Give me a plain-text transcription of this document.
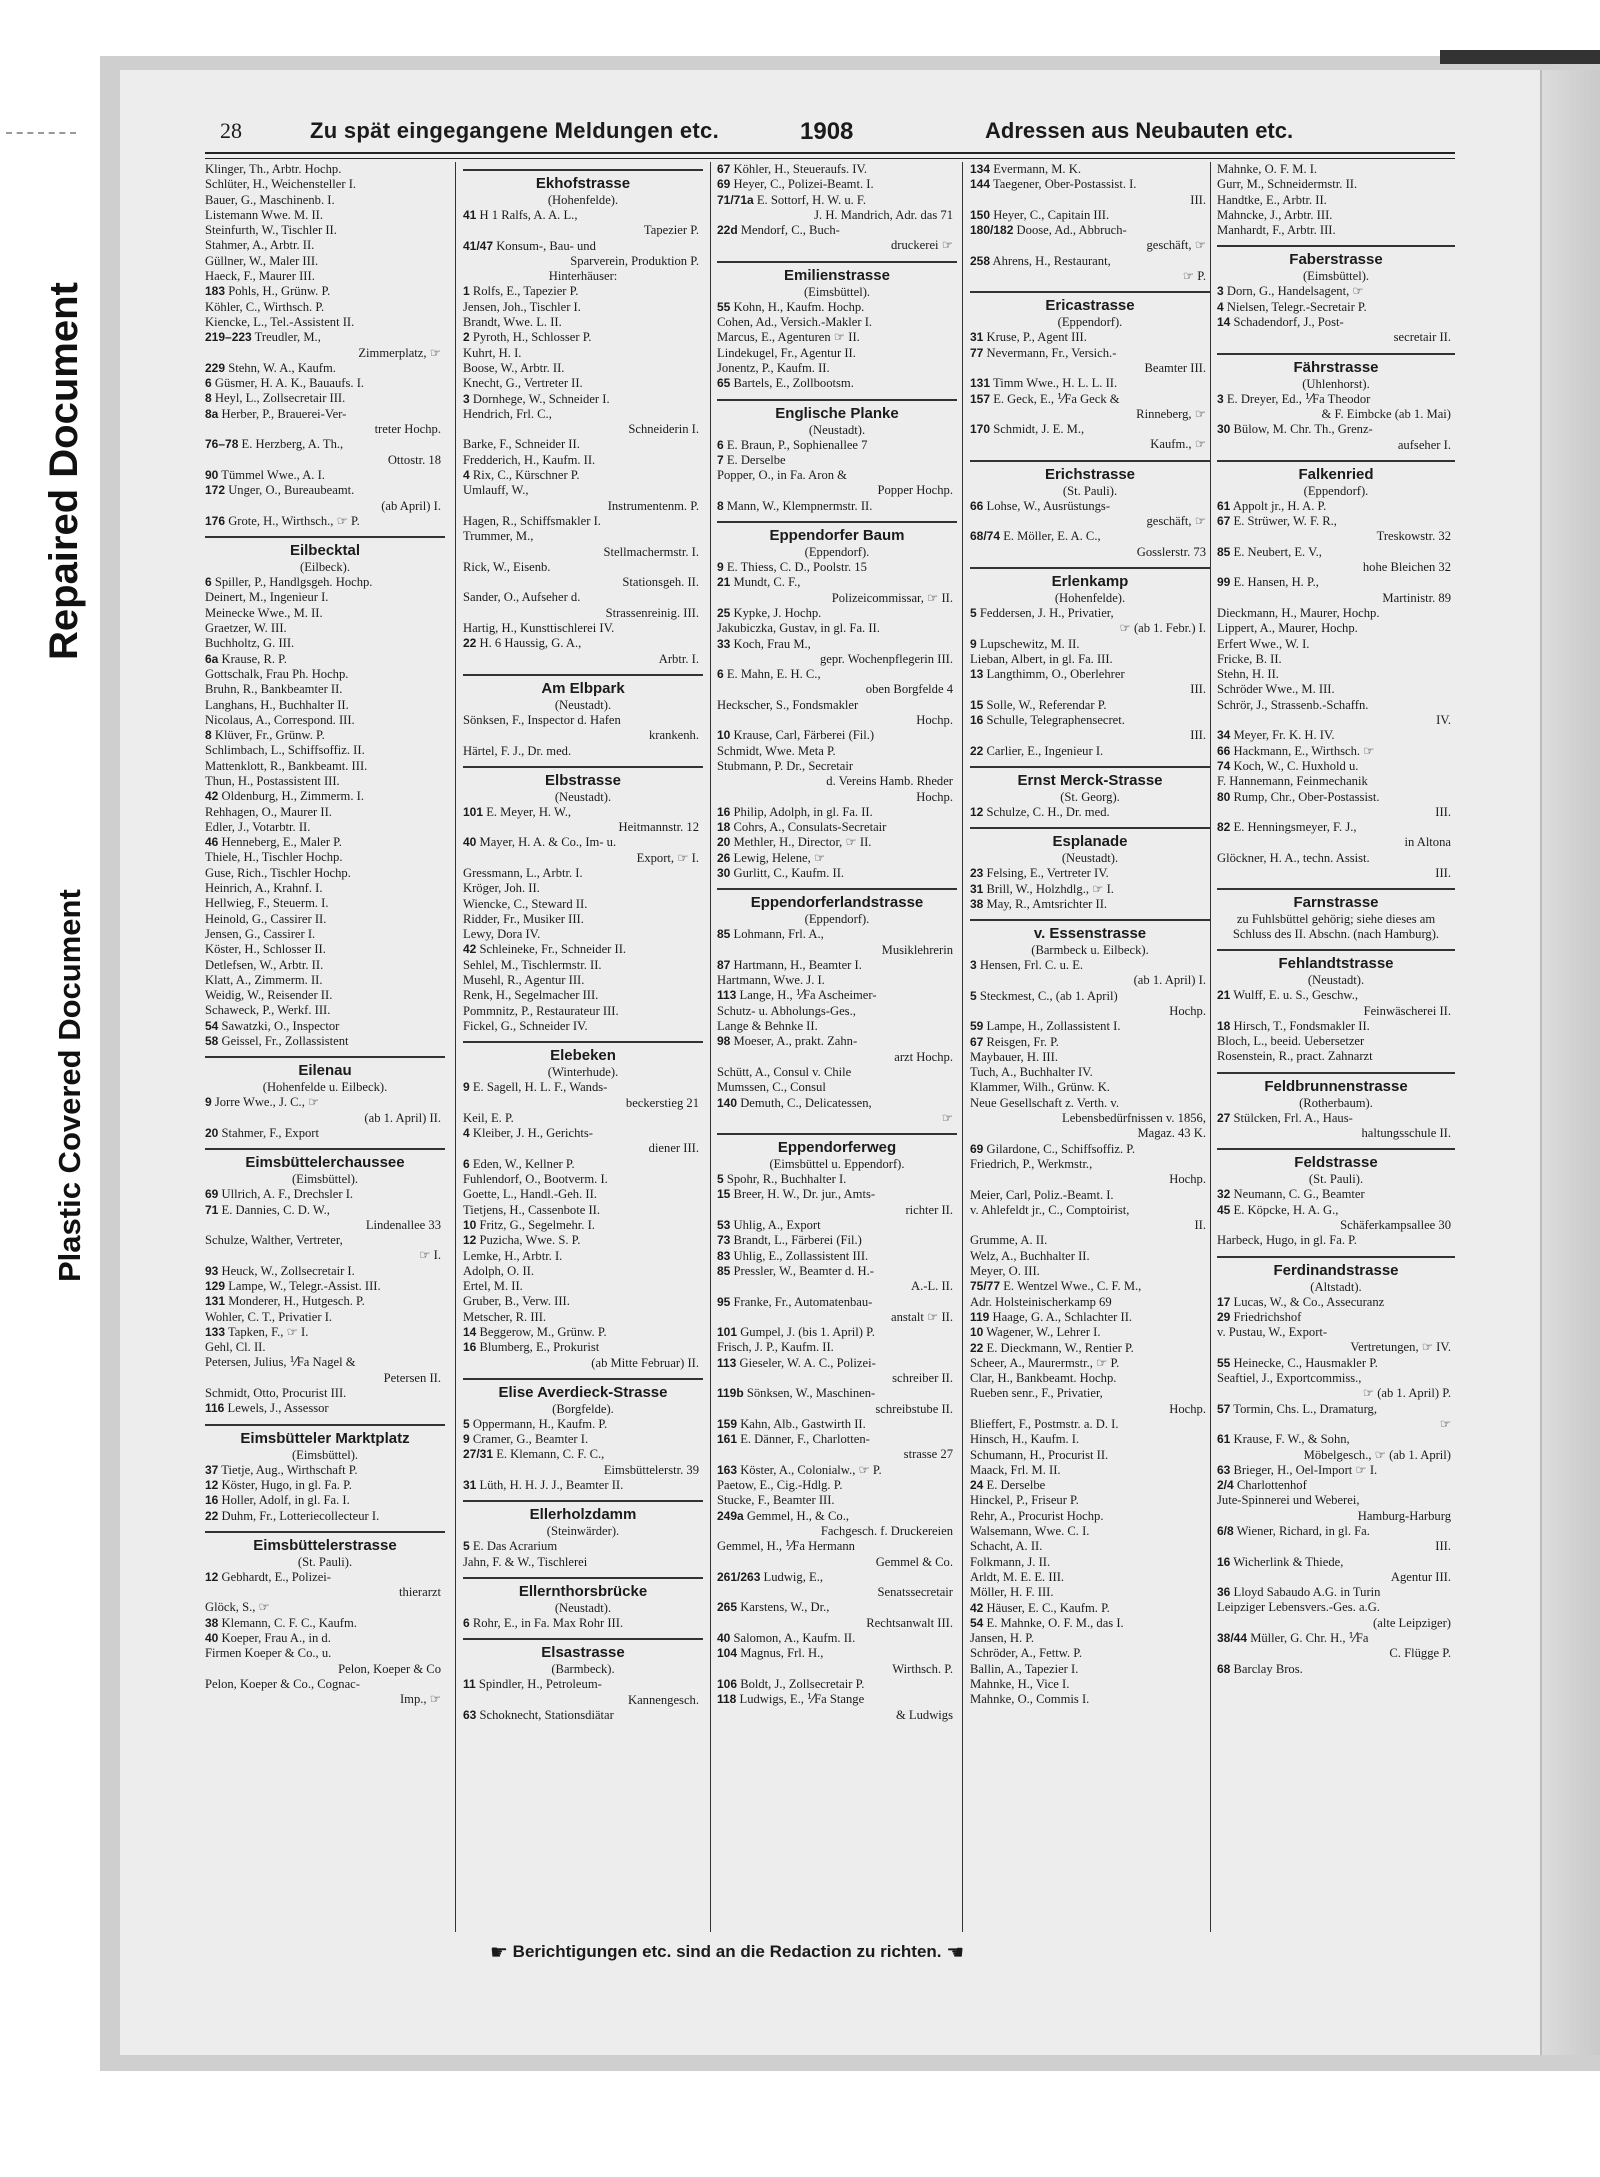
Repaired Document
Plastic Covered Document
28	Zu spät eingegangene Meldungen etc.	1908	Adressen aus Neubauten etc.
Klinger, Th., Arbtr. Hochp.
Schlüter, H., Weichensteller I.
Bauer, G., Maschinenb. I.
Listemann Wwe. M. II.
Steinfurth, W., Tischler II.
Stahmer, A., Arbtr. II.
Güllner, W., Maler III.
Haeck, F., Maurer III.
183 Pohls, H., Grünw. P.
Köhler, C., Wirthsch. P.
Kiencke, L., Tel.-Assistent II.
219–223 Treudler, M.,
Zimmerplatz, ☞
229 Stehn, W. A., Kaufm.
6 Güsmer, H. A. K., Bauaufs. I.
8 Heyl, L., Zollsecretair III.
8a Herber, P., Brauerei-Ver-
treter Hochp.
76–78 E. Herzberg, A. Th.,
Ottostr. 18
90 Tümmel Wwe., A. I.
172 Unger, O., Bureaubeamt.
(ab April) I.
176 Grote, H., Wirthsch., ☞ P.
Eilbecktal
(Eilbeck).
6 Spiller, P., Handlgsgeh. Hochp.
Deinert, M., Ingenieur I.
Meinecke Wwe., M. II.
Graetzer, W. III.
Buchholtz, G. III.
6a Krause, R. P.
Gottschalk, Frau Ph. Hochp.
Bruhn, R., Bankbeamter II.
Langhans, H., Buchhalter II.
Nicolaus, A., Correspond. III.
8 Klüver, Fr., Grünw. P.
Schlimbach, L., Schiffsoffiz. II.
Mattenklott, R., Bankbeamt. III.
Thun, H., Postassistent III.
42 Oldenburg, H., Zimmerm. I.
Rehhagen, O., Maurer II.
Edler, J., Votarbtr. II.
46 Henneberg, E., Maler P.
Thiele, H., Tischler Hochp.
Guse, Rich., Tischler Hochp.
Heinrich, A., Krahnf. I.
Hellwieg, F., Steuerm. I.
Heinold, G., Cassirer II.
Jensen, G., Cassirer I.
Köster, H., Schlosser II.
Detlefsen, W., Arbtr. II.
Klatt, A., Zimmerm. II.
Weidig, W., Reisender II.
Schaweck, P., Werkf. III.
54 Sawatzki, O., Inspector
58 Geissel, Fr., Zollassistent
Eilenau
(Hohenfelde u. Eilbeck).
9 Jorre Wwe., J. C., ☞
(ab 1. April) II.
20 Stahmer, F., Export
Eimsbüttelerchaussee
(Eimsbüttel).
69 Ullrich, A. F., Drechsler I.
71 E. Dannies, C. D. W.,
Lindenallee 33
Schulze, Walther, Vertreter,
☞ I.
93 Heuck, W., Zollsecretair I.
129 Lampe, W., Telegr.-Assist. III.
131 Monderer, H., Hutgesch. P.
Wohler, C. T., Privatier I.
133 Tapken, F., ☞ I.
Gehl, Cl. II.
Petersen, Julius, ⅟Fa Nagel &
Petersen II.
Schmidt, Otto, Procurist III.
116 Lewels, J., Assessor
Eimsbütteler Marktplatz
(Eimsbüttel).
37 Tietje, Aug., Wirthschaft P.
12 Köster, Hugo, in gl. Fa. P.
16 Holler, Adolf, in gl. Fa. I.
22 Duhm, Fr., Lotteriecollecteur I.
Eimsbüttelerstrasse
(St. Pauli).
12 Gebhardt, E., Polizei-
thierarzt
Glöck, S., ☞
38 Klemann, C. F. C., Kaufm.
40 Koeper, Frau A., in d.
Firmen Koeper & Co., u.
Pelon, Koeper & Co
Pelon, Koeper & Co., Cognac-
Imp., ☞
Ekhofstrasse
(Hohenfelde).
41 H 1 Ralfs, A. A. L.,
Tapezier P.
41/47 Konsum-, Bau- und
Sparverein, Produktion P.
Hinterhäuser:
1 Rolfs, E., Tapezier P.
Jensen, Joh., Tischler I.
Brandt, Wwe. L. II.
2 Pyroth, H., Schlosser P.
Kuhrt, H. I.
Boose, W., Arbtr. II.
Knecht, G., Vertreter II.
3 Dornhege, W., Schneider I.
Hendrich, Frl. C.,
Schneiderin I.
Barke, F., Schneider II.
Fredderich, H., Kaufm. II.
4 Rix, C., Kürschner P.
Umlauff, W.,
Instrumentenm. P.
Hagen, R., Schiffsmakler I.
Trummer, M.,
Stellmachermstr. I.
Rick, W., Eisenb.
Stationsgeh. II.
Sander, O., Aufseher d.
Strassenreinig. III.
Hartig, H., Kunsttischlerei IV.
22 H. 6 Haussig, G. A.,
Arbtr. I.
Am Elbpark
(Neustadt).
Sönksen, F., Inspector d. Hafen
krankenh.
Härtel, F. J., Dr. med.
Elbstrasse
(Neustadt).
101 E. Meyer, H. W.,
Heitmannstr. 12
40 Mayer, H. A. & Co., Im- u.
Export, ☞ I.
Gressmann, L., Arbtr. I.
Kröger, Joh. II.
Wiencke, C., Steward II.
Ridder, Fr., Musiker III.
Lewy, Dora IV.
42 Schleineke, Fr., Schneider II.
Sehlel, M., Tischlermstr. II.
Musehl, R., Agentur III.
Renk, H., Segelmacher III.
Pommnitz, P., Restaurateur III.
Fickel, G., Schneider IV.
Elebeken
(Winterhude).
9 E. Sagell, H. L. F., Wands-
beckerstieg 21
Keil, E. P.
4 Kleiber, J. H., Gerichts-
diener III.
6 Eden, W., Kellner P.
Fuhlendorf, O., Bootverm. I.
Goette, L., Handl.-Geh. II.
Tietjens, H., Cassenbote II.
10 Fritz, G., Segelmehr. I.
12 Puzicha, Wwe. S. P.
Lemke, H., Arbtr. I.
Adolph, O. II.
Ertel, M. II.
Gruber, B., Verw. III.
Metscher, R. III.
14 Beggerow, M., Grünw. P.
16 Blumberg, E., Prokurist
(ab Mitte Februar) II.
Elise Averdieck-Strasse
(Borgfelde).
5 Oppermann, H., Kaufm. P.
9 Cramer, G., Beamter I.
27/31 E. Klemann, C. F. C.,
Eimsbüttelerstr. 39
31 Lüth, H. H. J. J., Beamter II.
Ellerholzdamm
(Steinwärder).
5 E. Das Acrarium
Jahn, F. & W., Tischlerei
Ellernthorsbrücke
(Neustadt).
6 Rohr, E., in Fa. Max Rohr III.
Elsastrasse
(Barmbeck).
11 Spindler, H., Petroleum-
Kannengesch.
63 Schoknecht, Stationsdiätar
67 Köhler, H., Steueraufs. IV.
69 Heyer, C., Polizei-Beamt. I.
71/71a E. Sottorf, H. W. u. F.
J. H. Mandrich, Adr. das 71
22d Mendorf, C., Buch-
druckerei ☞
Emilienstrasse
(Eimsbüttel).
55 Kohn, H., Kaufm. Hochp.
Cohen, Ad., Versich.-Makler I.
Marcus, E., Agenturen ☞ II.
Lindekugel, Fr., Agentur II.
Jonentz, P., Kaufm. II.
65 Bartels, E., Zollbootsm.
Englische Planke
(Neustadt).
6 E. Braun, P., Sophienallee 7
7 E. Derselbe
Popper, O., in Fa. Aron &
Popper Hochp.
8 Mann, W., Klempnermstr. II.
Eppendorfer Baum
(Eppendorf).
9 E. Thiess, C. D., Poolstr. 15
21 Mundt, C. F.,
Polizeicommissar, ☞ II.
25 Kypke, J. Hochp.
Jakubiczka, Gustav, in gl. Fa. II.
33 Koch, Frau M.,
gepr. Wochenpflegerin III.
6 E. Mahn, E. H. C.,
oben Borgfelde 4
Heckscher, S., Fondsmakler
Hochp.
10 Krause, Carl, Färberei (Fil.)
Schmidt, Wwe. Meta P.
Stubmann, P. Dr., Secretair
d. Vereins Hamb. Rheder
Hochp.
16 Philip, Adolph, in gl. Fa. II.
18 Cohrs, A., Consulats-Secretair
20 Methler, H., Director, ☞ II.
26 Lewig, Helene, ☞
30 Gurlitt, C., Kaufm. II.
Eppendorferlandstrasse
(Eppendorf).
85 Lohmann, Frl. A.,
Musiklehrerin
87 Hartmann, H., Beamter I.
Hartmann, Wwe. J. I.
113 Lange, H., ⅟Fa Ascheimer-
Schutz- u. Abholungs-Ges.,
Lange & Behnke II.
98 Moeser, A., prakt. Zahn-
arzt Hochp.
Schütt, A., Consul v. Chile
Mumssen, C., Consul
140 Demuth, C., Delicatessen,
☞
Eppendorferweg
(Eimsbüttel u. Eppendorf).
5 Spohr, R., Buchhalter I.
15 Breer, H. W., Dr. jur., Amts-
richter II.
53 Uhlig, A., Export
73 Brandt, L., Färberei (Fil.)
83 Uhlig, E., Zollassistent III.
85 Pressler, W., Beamter d. H.-
A.-L. II.
95 Franke, Fr., Automatenbau-
anstalt ☞ II.
101 Gumpel, J. (bis 1. April) P.
Frisch, J. P., Kaufm. II.
113 Gieseler, W. A. C., Polizei-
schreiber II.
119b Sönksen, W., Maschinen-
schreibstube II.
159 Kahn, Alb., Gastwirth II.
161 E. Dänner, F., Charlotten-
strasse 27
163 Köster, A., Colonialw., ☞ P.
Paetow, E., Cig.-Hdlg. P.
Stucke, F., Beamter III.
249a Gemmel, H., & Co.,
Fachgesch. f. Druckereien
Gemmel, H., ⅟Fa Hermann
Gemmel & Co.
261/263 Ludwig, E.,
Senatssecretair
265 Karstens, W., Dr.,
Rechtsanwalt III.
40 Salomon, A., Kaufm. II.
104 Magnus, Frl. H.,
Wirthsch. P.
106 Boldt, J., Zollsecretair P.
118 Ludwigs, E., ⅟Fa Stange
& Ludwigs
134 Evermann, M. K.
144 Taegener, Ober-Postassist. I.
III.
150 Heyer, C., Capitain III.
180/182 Doose, Ad., Abbruch-
geschäft, ☞
258 Ahrens, H., Restaurant,
☞ P.
Ericastrasse
(Eppendorf).
31 Kruse, P., Agent III.
77 Nevermann, Fr., Versich.-
Beamter III.
131 Timm Wwe., H. L. L. II.
157 E. Geck, E., ⅟Fa Geck &
Rinneberg, ☞
170 Schmidt, J. E. M.,
Kaufm., ☞
Erichstrasse
(St. Pauli).
66 Lohse, W., Ausrüstungs-
geschäft, ☞
68/74 E. Möller, E. A. C.,
Gosslerstr. 73
Erlenkamp
(Hohenfelde).
5 Feddersen, J. H., Privatier,
☞ (ab 1. Febr.) I.
9 Lupschewitz, M. II.
Lieban, Albert, in gl. Fa. III.
13 Langthimm, O., Oberlehrer
III.
15 Solle, W., Referendar P.
16 Schulle, Telegraphensecret.
III.
22 Carlier, E., Ingenieur I.
Ernst Merck-Strasse
(St. Georg).
12 Schulze, C. H., Dr. med.
Esplanade
(Neustadt).
23 Felsing, E., Vertreter IV.
31 Brill, W., Holzhdlg., ☞ I.
38 May, R., Amtsrichter II.
v. Essenstrasse
(Barmbeck u. Eilbeck).
3 Hensen, Frl. C. u. E.
(ab 1. April) I.
5 Steckmest, C., (ab 1. April)
Hochp.
59 Lampe, H., Zollassistent I.
67 Reisgen, Fr. P.
Maybauer, H. III.
Tuch, A., Buchhalter IV.
Klammer, Wilh., Grünw. K.
Neue Gesellschaft z. Verth. v.
Lebensbedürfnissen v. 1856,
Magaz. 43 K.
69 Gilardone, C., Schiffsoffiz. P.
Friedrich, P., Werkmstr.,
Hochp.
Meier, Carl, Poliz.-Beamt. I.
v. Ahlefeldt jr., C., Comptoirist,
II.
Grumme, A. II.
Welz, A., Buchhalter II.
Meyer, O. III.
75/77 E. Wentzel Wwe., C. F. M.,
Adr. Holsteinischerkamp 69
119 Haage, G. A., Schlachter II.
10 Wagener, W., Lehrer I.
22 E. Dieckmann, W., Rentier P.
Scheer, A., Maurermstr., ☞ P.
Clar, H., Bankbeamt. Hochp.
Rueben senr., F., Privatier,
Hochp.
Blieffert, F., Postmstr. a. D. I.
Hinsch, H., Kaufm. I.
Schumann, H., Procurist II.
Maack, Frl. M. II.
24 E. Derselbe
Hinckel, P., Friseur P.
Rehr, A., Procurist Hochp.
Walsemann, Wwe. C. I.
Schacht, A. II.
Folkmann, J. II.
Arldt, M. E. E. III.
Möller, H. F. III.
42 Häuser, E. C., Kaufm. P.
54 E. Mahnke, O. F. M., das I.
Jansen, H. P.
Schröder, A., Fettw. P.
Ballin, A., Tapezier I.
Mahnke, H., Vice I.
Mahnke, O., Commis I.
Mahnke, O. F. M. I.
Gurr, M., Schneidermstr. II.
Handtke, E., Arbtr. II.
Mahncke, J., Arbtr. III.
Manhardt, F., Arbtr. III.
Faberstrasse
(Eimsbüttel).
3 Dorn, G., Handelsagent, ☞
4 Nielsen, Telegr.-Secretair P.
14 Schadendorf, J., Post-
secretair II.
Fährstrasse
(Uhlenhorst).
3 E. Dreyer, Ed., ⅟Fa Theodor
& F. Eimbcke (ab 1. Mai)
30 Bülow, M. Chr. Th., Grenz-
aufseher I.
Falkenried
(Eppendorf).
61 Appolt jr., H. A. P.
67 E. Strüwer, W. F. R.,
Treskowstr. 32
85 E. Neubert, E. V.,
hohe Bleichen 32
99 E. Hansen, H. P.,
Martinistr. 89
Dieckmann, H., Maurer, Hochp.
Lippert, A., Maurer, Hochp.
Erfert Wwe., W. I.
Fricke, B. II.
Stehn, H. II.
Schröder Wwe., M. III.
Schrör, J., Strassenb.-Schaffn.
IV.
34 Meyer, Fr. K. H. IV.
66 Hackmann, E., Wirthsch. ☞
74 Koch, W., C. Huxhold u.
F. Hannemann, Feinmechanik
80 Rump, Chr., Ober-Postassist.
III.
82 E. Henningsmeyer, F. J.,
in Altona
Glöckner, H. A., techn. Assist.
III.
Farnstrasse
zu Fuhlsbüttel gehörig; siehe dieses am Schluss des II. Abschn. (nach Hamburg).
Fehlandtstrasse
(Neustadt).
21 Wulff, E. u. S., Geschw.,
Feinwäscherei II.
18 Hirsch, T., Fondsmakler II.
Bloch, L., beeid. Uebersetzer
Rosenstein, R., pract. Zahnarzt
Feldbrunnenstrasse
(Rotherbaum).
27 Stülcken, Frl. A., Haus-
haltungsschule II.
Feldstrasse
(St. Pauli).
32 Neumann, C. G., Beamter
45 E. Köpcke, H. A. G.,
Schäferkampsallee 30
Harbeck, Hugo, in gl. Fa. P.
Ferdinandstrasse
(Altstadt).
17 Lucas, W., & Co., Assecuranz
29 Friedrichshof
v. Pustau, W., Export-
Vertretungen, ☞ IV.
55 Heinecke, C., Hausmakler P.
Seaftiel, J., Exportcommiss.,
☞ (ab 1. April) P.
57 Tormin, Chs. L., Dramaturg,
☞
61 Krause, F. W., & Sohn,
Möbelgesch., ☞ (ab 1. April)
63 Brieger, H., Oel-Import ☞ I.
2/4 Charlottenhof
Jute-Spinnerei und Weberei,
Hamburg-Harburg
6/8 Wiener, Richard, in gl. Fa.
III.
16 Wicherlink & Thiede,
Agentur III.
36 Lloyd Sabaudo A.G. in Turin
Leipziger Lebensvers.-Ges. a.G.
(alte Leipziger)
38/44 Müller, G. Chr. H., ⅟Fa
C. Flügge P.
68 Barclay Bros.
☛ Berichtigungen etc. sind an die Redaction zu richten. ☚
